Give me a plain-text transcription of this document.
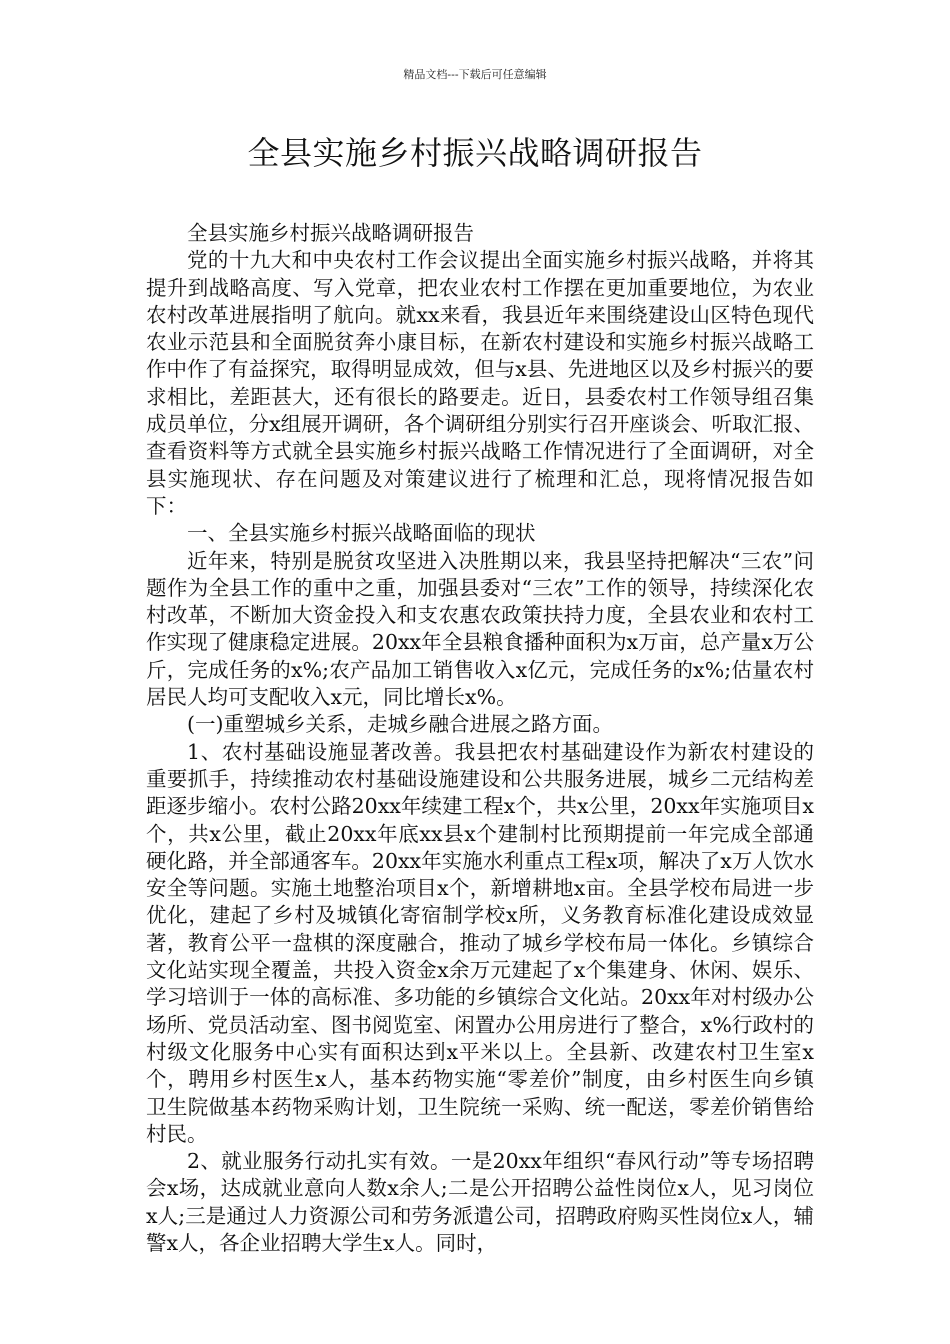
精品文档---下载后可任意编辑
全县实施乡村振兴战略调研报告

全县实施乡村振兴战略调研报告

党的十九大和中央农村工作会议提出全面实施乡村振兴战略，并将其提升到战略高度、写入党章，把农业农村工作摆在更加重要地位，为农业农村改革进展指明了航向。就xx来看，我县近年来围绕建设山区特色现代农业示范县和全面脱贫奔小康目标，在新农村建设和实施乡村振兴战略工作中作了有益探究，取得明显成效，但与x县、先进地区以及乡村振兴的要求相比，差距甚大，还有很长的路要走。近日，县委农村工作领导组召集成员单位，分x组展开调研，各个调研组分别实行召开座谈会、听取汇报、查看资料等方式就全县实施乡村振兴战略工作情况进行了全面调研，对全县实施现状、存在问题及对策建议进行了梳理和汇总，现将情况报告如下：

一、全县实施乡村振兴战略面临的现状

近年来，特别是脱贫攻坚进入决胜期以来，我县坚持把解决“三农”问题作为全县工作的重中之重，加强县委对“三农”工作的领导，持续深化农村改革，不断加大资金投入和支农惠农政策扶持力度，全县农业和农村工作实现了健康稳定进展。20xx年全县粮食播种面积为x万亩，总产量x万公斤，完成任务的x%;农产品加工销售收入x亿元，完成任务的x%;估量农村居民人均可支配收入x元，同比增长x%。

(一)重塑城乡关系，走城乡融合进展之路方面。

1、农村基础设施显著改善。我县把农村基础建设作为新农村建设的重要抓手，持续推动农村基础设施建设和公共服务进展，城乡二元结构差距逐步缩小。农村公路20xx年续建工程x个，共x公里，20xx年实施项目x个，共x公里，截止20xx年底xx县x个建制村比预期提前一年完成全部通硬化路，并全部通客车。20xx年实施水利重点工程x项，解决了x万人饮水安全等问题。实施土地整治项目x个，新增耕地x亩。全县学校布局进一步优化，建起了乡村及城镇化寄宿制学校x所，义务教育标准化建设成效显著，教育公平一盘棋的深度融合，推动了城乡学校布局一体化。乡镇综合文化站实现全覆盖，共投入资金x余万元建起了x个集建身、休闲、娱乐、学习培训于一体的高标准、多功能的乡镇综合文化站。20xx年对村级办公场所、党员活动室、图书阅览室、闲置办公用房进行了整合，x%行政村的村级文化服务中心实有面积达到x平米以上。全县新、改建农村卫生室x个，聘用乡村医生x人，基本药物实施“零差价”制度，由乡村医生向乡镇卫生院做基本药物采购计划，卫生院统一采购、统一配送，零差价销售给村民。

2、就业服务行动扎实有效。一是20xx年组织“春风行动”等专场招聘会x场，达成就业意向人数x余人;二是公开招聘公益性岗位x人，见习岗位x人;三是通过人力资源公司和劳务派遣公司，招聘政府购买性岗位x人，辅警x人，各企业招聘大学生x人。同时，
